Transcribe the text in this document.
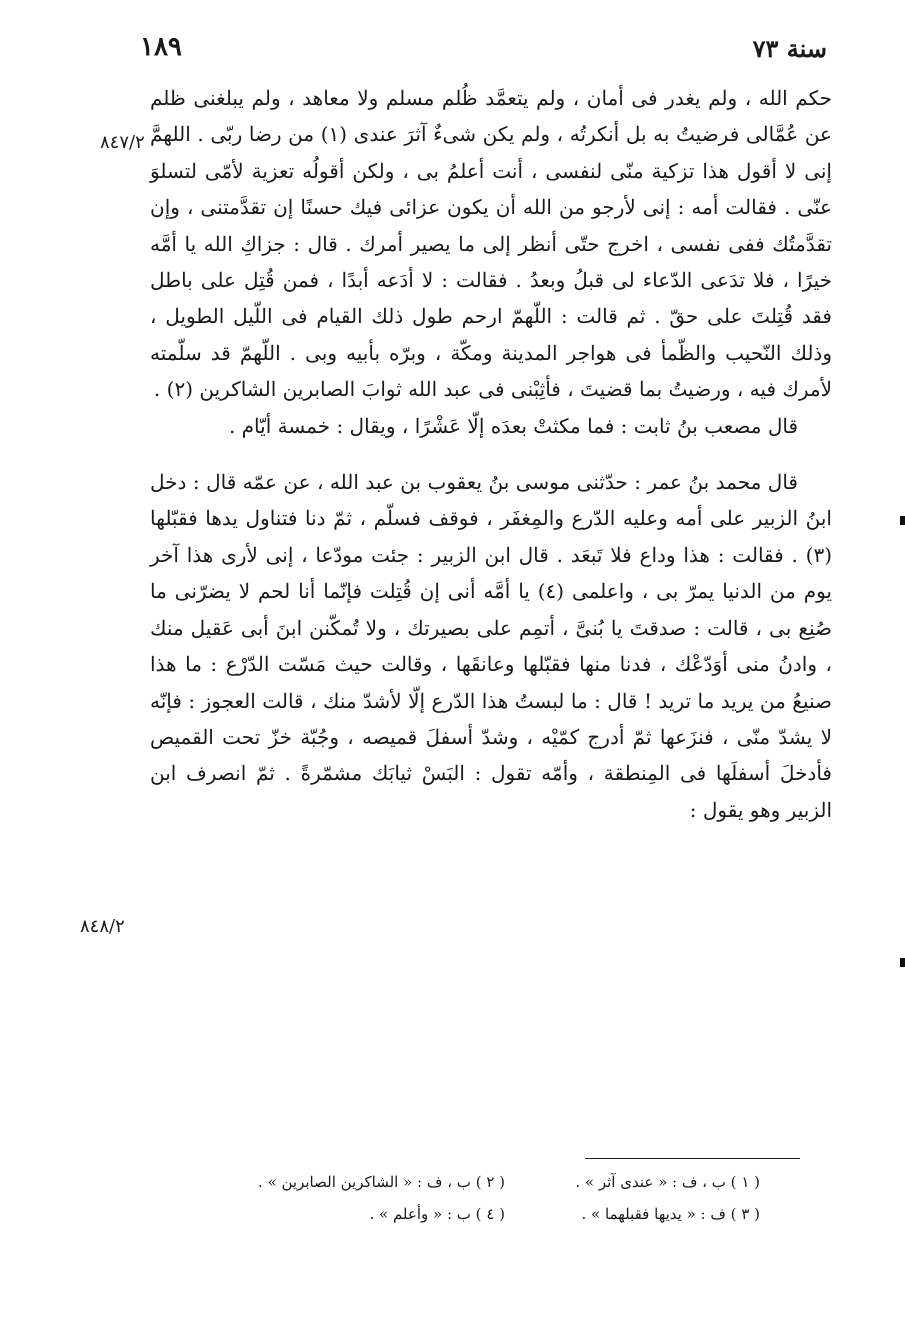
سنة ٧٣
١٨٩

حكم الله ، ولم يغدر فى أمان ، ولم يتعمَّد ظُلم مسلم ولا معاهد ، ولم يبلغنى ظلم عن عُمَّالى فرضيتُ به بل أنكرتُه ، ولم يكن شىءٌ آثرَ عندى (١) من رضا ربّى . اللهمَّ إنى لا أقول هذا تزكية منّى لنفسى ، أنت أعلمُ بى ، ولكن أقولُه تعزية لأمّى لتسلوَ عنّى . فقالت أمه : إنى لأرجو من الله أن يكون عزائى فيك حسنًا إن تقدَّمتنى ، وإن تقدَّمتُك ففى نفسى ، اخرج حتّى أنظر إلى ما يصير أمرك . قال : جزاكِ الله يا أمَّه خيرًا ، فلا تدَعى الدّعاء لى قبلُ وبعدُ . فقالت : لا أدَعه أبدًا ، فمن قُتِل على باطل فقد قُتِلتَ على حقّ . ثم قالت : اللّهمّ ارحم طول ذلك القيام فى اللّيل الطويل ، وذلك النّحيب والظّمأ فى هواجر المدينة ومكّة ، وبرّه بأبيه وبى . اللّهمّ قد سلّمته لأمرك فيه ، ورضيتُ بما قضيتَ ، فأثِبْنى فى عبد الله ثوابَ الصابرين الشاكرين (٢) .

قال مصعب بنُ ثابت : فما مكثتْ بعدَه إلّا عَشْرًا ، ويقال : خمسة أيّام .

قال محمد بنُ عمر : حدّثنى موسى بنُ يعقوب بن عبد الله ، عن عمّه قال : دخل ابنُ الزبير على أمه وعليه الدّرع والمِغفَر ، فوقف فسلّم ، ثمّ دنا فتناول يدها فقبّلها (٣) . فقالت : هذا وداع فلا تَبعَد . قال ابن الزبير : جئت مودّعا ، إنى لأرى هذا آخر يوم من الدنيا يمرّ بى ، واعلمى (٤) يا أمَّه أنى إن قُتِلت فإنّما أنا لحم لا يضرّنى ما صُنِع بى ، قالت : صدقتَ يا بُنىَّ ، أتمِم على بصيرتك ، ولا تُمكّنن ابنَ أبى عَقيل منك ، وادنُ منى أوَدّعْك ، فدنا منها فقبّلها وعانقَها ، وقالت حيث مَسّت الدّرْع : ما هذا صنيعُ من يريد ما تريد ! قال : ما لبستُ هذا الدّرع إلّا لأشدّ منك ، قالت العجوز : فإنّه لا يشدّ منّى ، فنزَعها ثمّ أدرج كمّيْه ، وشدّ أسفلَ قميصه ، وجُبّة خزّ تحت القميص فأدخلَ أسفلَها فى المِنطقة ، وأمّه تقول : البَسْ ثيابَك مشمّرةً . ثمّ انصرف ابن الزبير وهو يقول :

٨٤٧/٢
٨٤٨/٢
( ١ ) ب ، ف : « عندى آثر » .
( ٢ ) ب ، ف : « الشاكرين الصابرين » .
( ٣ ) ف : « يديها فقبلهما » .
( ٤ ) ب : « وأعلم » .
